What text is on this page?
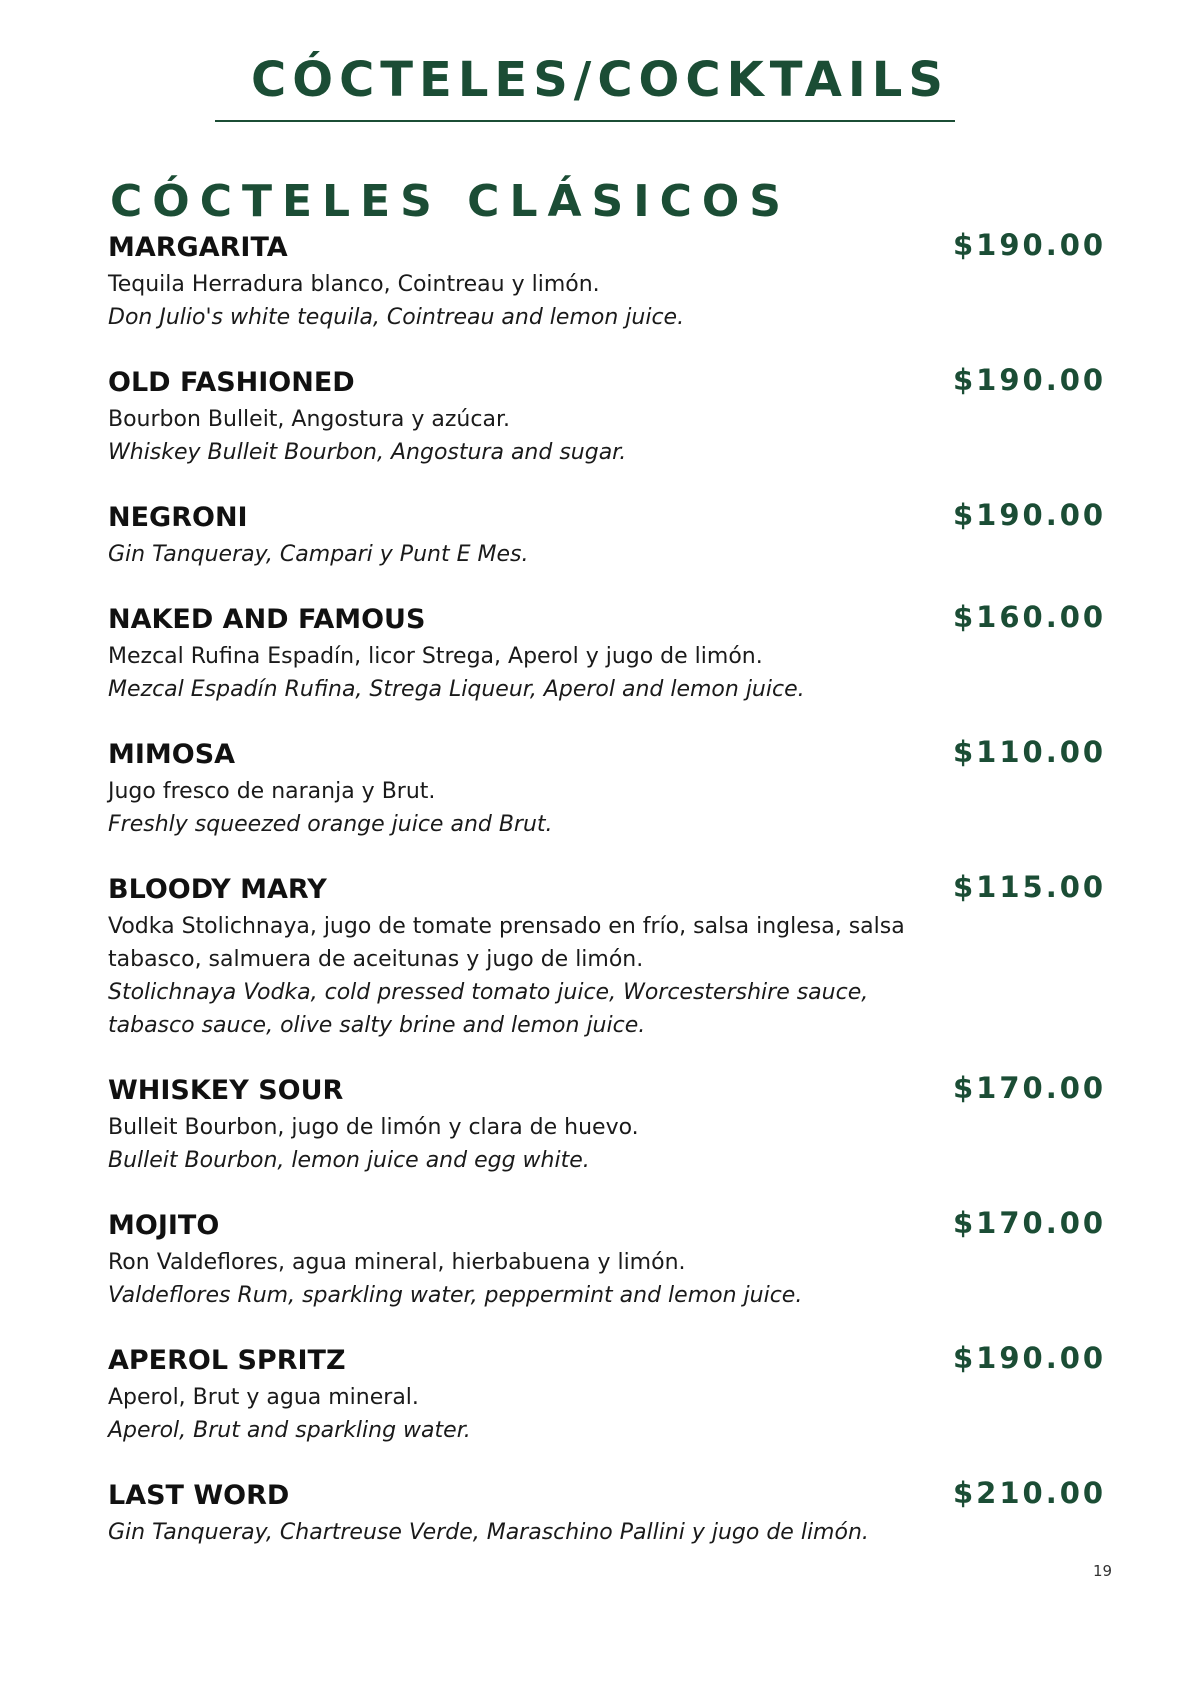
CÓCTELES/COCKTAILS
CÓCTELES CLÁSICOS
MARGARITA	$190.00
Tequila Herradura blanco, Cointreau y limón.
Don Julio's white tequila, Cointreau and lemon juice.
OLD FASHIONED	$190.00
Bourbon Bulleit, Angostura y azúcar.
Whiskey Bulleit Bourbon, Angostura and sugar.
NEGRONI	$190.00
Gin Tanqueray, Campari y Punt E Mes.
NAKED AND FAMOUS	$160.00
Mezcal Rufina Espadín, licor Strega, Aperol y jugo de limón.
Mezcal Espadín Rufina, Strega Liqueur, Aperol and lemon juice.
MIMOSA	$110.00
Jugo fresco de naranja y Brut.
Freshly squeezed orange juice and Brut.
BLOODY MARY	$115.00
Vodka Stolichnaya, jugo de tomate prensado en frío, salsa inglesa, salsa tabasco, salmuera de aceitunas y jugo de limón.
Stolichnaya Vodka, cold pressed tomato juice, Worcestershire sauce, tabasco sauce, olive salty brine and lemon juice.
WHISKEY SOUR	$170.00
Bulleit Bourbon, jugo de limón y clara de huevo.
Bulleit Bourbon, lemon juice and egg white.
MOJITO	$170.00
Ron Valdeflores, agua mineral, hierbabuena y limón.
Valdeflores Rum, sparkling water, peppermint and lemon juice.
APEROL SPRITZ	$190.00
Aperol, Brut y agua mineral.
Aperol, Brut and sparkling water.
LAST WORD	$210.00
Gin Tanqueray, Chartreuse Verde, Maraschino Pallini y jugo de limón.
19
